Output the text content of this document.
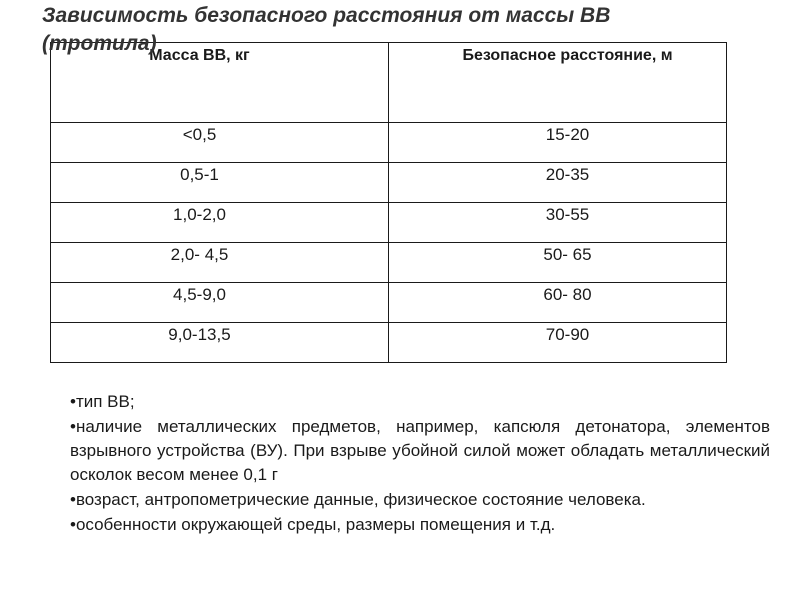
Зависимость безопасного расстояния от массы ВВ
(тротила)
Масса ВВ, кг	Безопасное расстояние, м
<0,5	15-20
0,5-1	20-35
1,0-2,0	30-55
2,0- 4,5	50- 65
4,5-9,0	60- 80
9,0-13,5	70-90
•тип ВВ;
•наличие металлических предметов, например, капсюля детонатора, элементов взрывного устройства (ВУ). При взрыве убойной силой может обладать металлический осколок весом менее 0,1 г
•возраст, антропометрические данные, физическое состояние человека.
•особенности окружающей среды, размеры помещения и т.д.
